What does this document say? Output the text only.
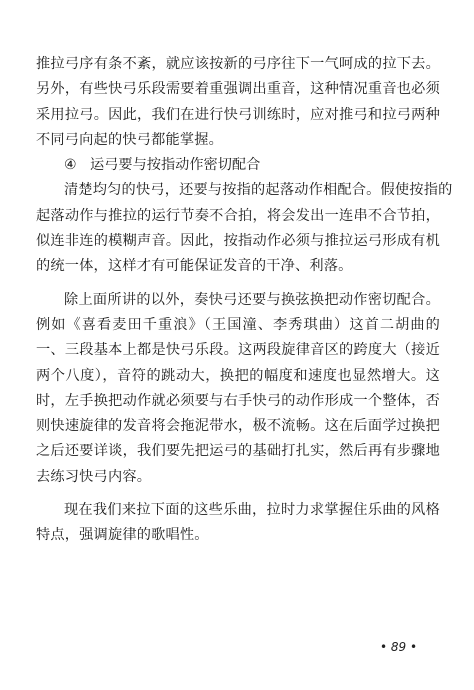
推拉弓序有条不紊，就应该按新的弓序往下一气呵成的拉下去。
另外，有些快弓乐段需要着重强调出重音，这种情况重音也必须
采用拉弓。因此，我们在进行快弓训练时，应对推弓和拉弓两种
不同弓向起的快弓都能掌握。
④ 运弓要与按指动作密切配合
清楚均匀的快弓，还要与按指的起落动作相配合。假使按指的
起落动作与推拉的运行节奏不合拍，将会发出一连串不合节拍，
似连非连的模糊声音。因此，按指动作必须与推拉运弓形成有机
的统一体，这样才有可能保证发音的干净、利落。
除上面所讲的以外，奏快弓还要与换弦换把动作密切配合。
例如《喜看麦田千重浪》（王国潼、李秀琪曲）这首二胡曲的
一、三段基本上都是快弓乐段。这两段旋律音区的跨度大（接近
两个八度），音符的跳动大，换把的幅度和速度也显然增大。这
时，左手换把动作就必须要与右手快弓的动作形成一个整体，否
则快速旋律的发音将会拖泥带水，极不流畅。这在后面学过换把
之后还要详谈，我们要先把运弓的基础打扎实，然后再有步骤地
去练习快弓内容。
现在我们来拉下面的这些乐曲，拉时力求掌握住乐曲的风格
特点，强调旋律的歌唱性。
• 89 •
